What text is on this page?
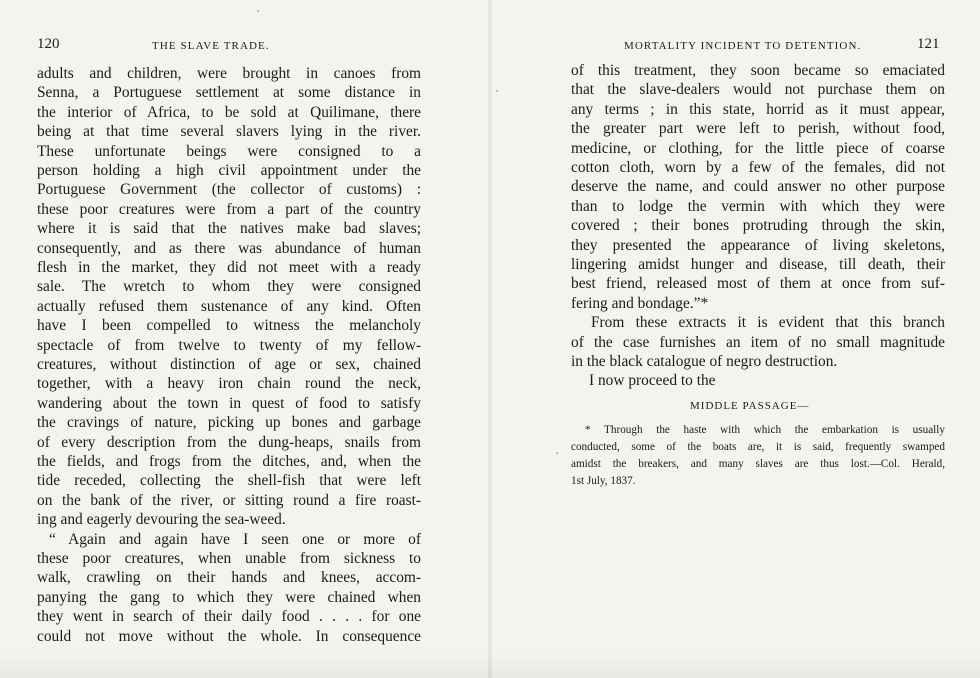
120	THE SLAVE TRADE.
adults and children, were brought in canoes from
Senna, a Portuguese settlement at some distance in
the interior of Africa, to be sold at Quilimane, there
being at that time several slavers lying in the river.
These unfortunate beings were consigned to a
person holding a high civil appointment under the
Portuguese Government (the collector of customs) :
these poor creatures were from a part of the country
where it is said that the natives make bad slaves;
consequently, and as there was abundance of human
flesh in the market, they did not meet with a ready
sale. The wretch to whom they were consigned
actually refused them sustenance of any kind. Often
have I been compelled to witness the melancholy
spectacle of from twelve to twenty of my fellow-
creatures, without distinction of age or sex, chained
together, with a heavy iron chain round the neck,
wandering about the town in quest of food to satisfy
the cravings of nature, picking up bones and garbage
of every description from the dung-heaps, snails from
the fields, and frogs from the ditches, and, when the
tide receded, collecting the shell-fish that were left
on the bank of the river, or sitting round a fire roast-
ing and eagerly devouring the sea-weed.
“ Again and again have I seen one or more of
these poor creatures, when unable from sickness to
walk, crawling on their hands and knees, accom-
panying the gang to which they were chained when
they went in search of their daily food . . . . for one
could not move without the whole. In consequence
MORTALITY INCIDENT TO DETENTION.	121
of this treatment, they soon became so emaciated
that the slave-dealers would not purchase them on
any terms ; in this state, horrid as it must appear,
the greater part were left to perish, without food,
medicine, or clothing, for the little piece of coarse
cotton cloth, worn by a few of the females, did not
deserve the name, and could answer no other purpose
than to lodge the vermin with which they were
covered ; their bones protruding through the skin,
they presented the appearance of living skeletons,
lingering amidst hunger and disease, till death, their
best friend, released most of them at once from suf-
fering and bondage.”*
From these extracts it is evident that this branch
of the case furnishes an item of no small magnitude
in the black catalogue of negro destruction.
I now proceed to the
MIDDLE PASSAGE—
* Through the haste with which the embarkation is usually
conducted, some of the boats are, it is said, frequently swamped
amidst the breakers, and many slaves are thus lost.—Col. Herald,
1st July, 1837.
